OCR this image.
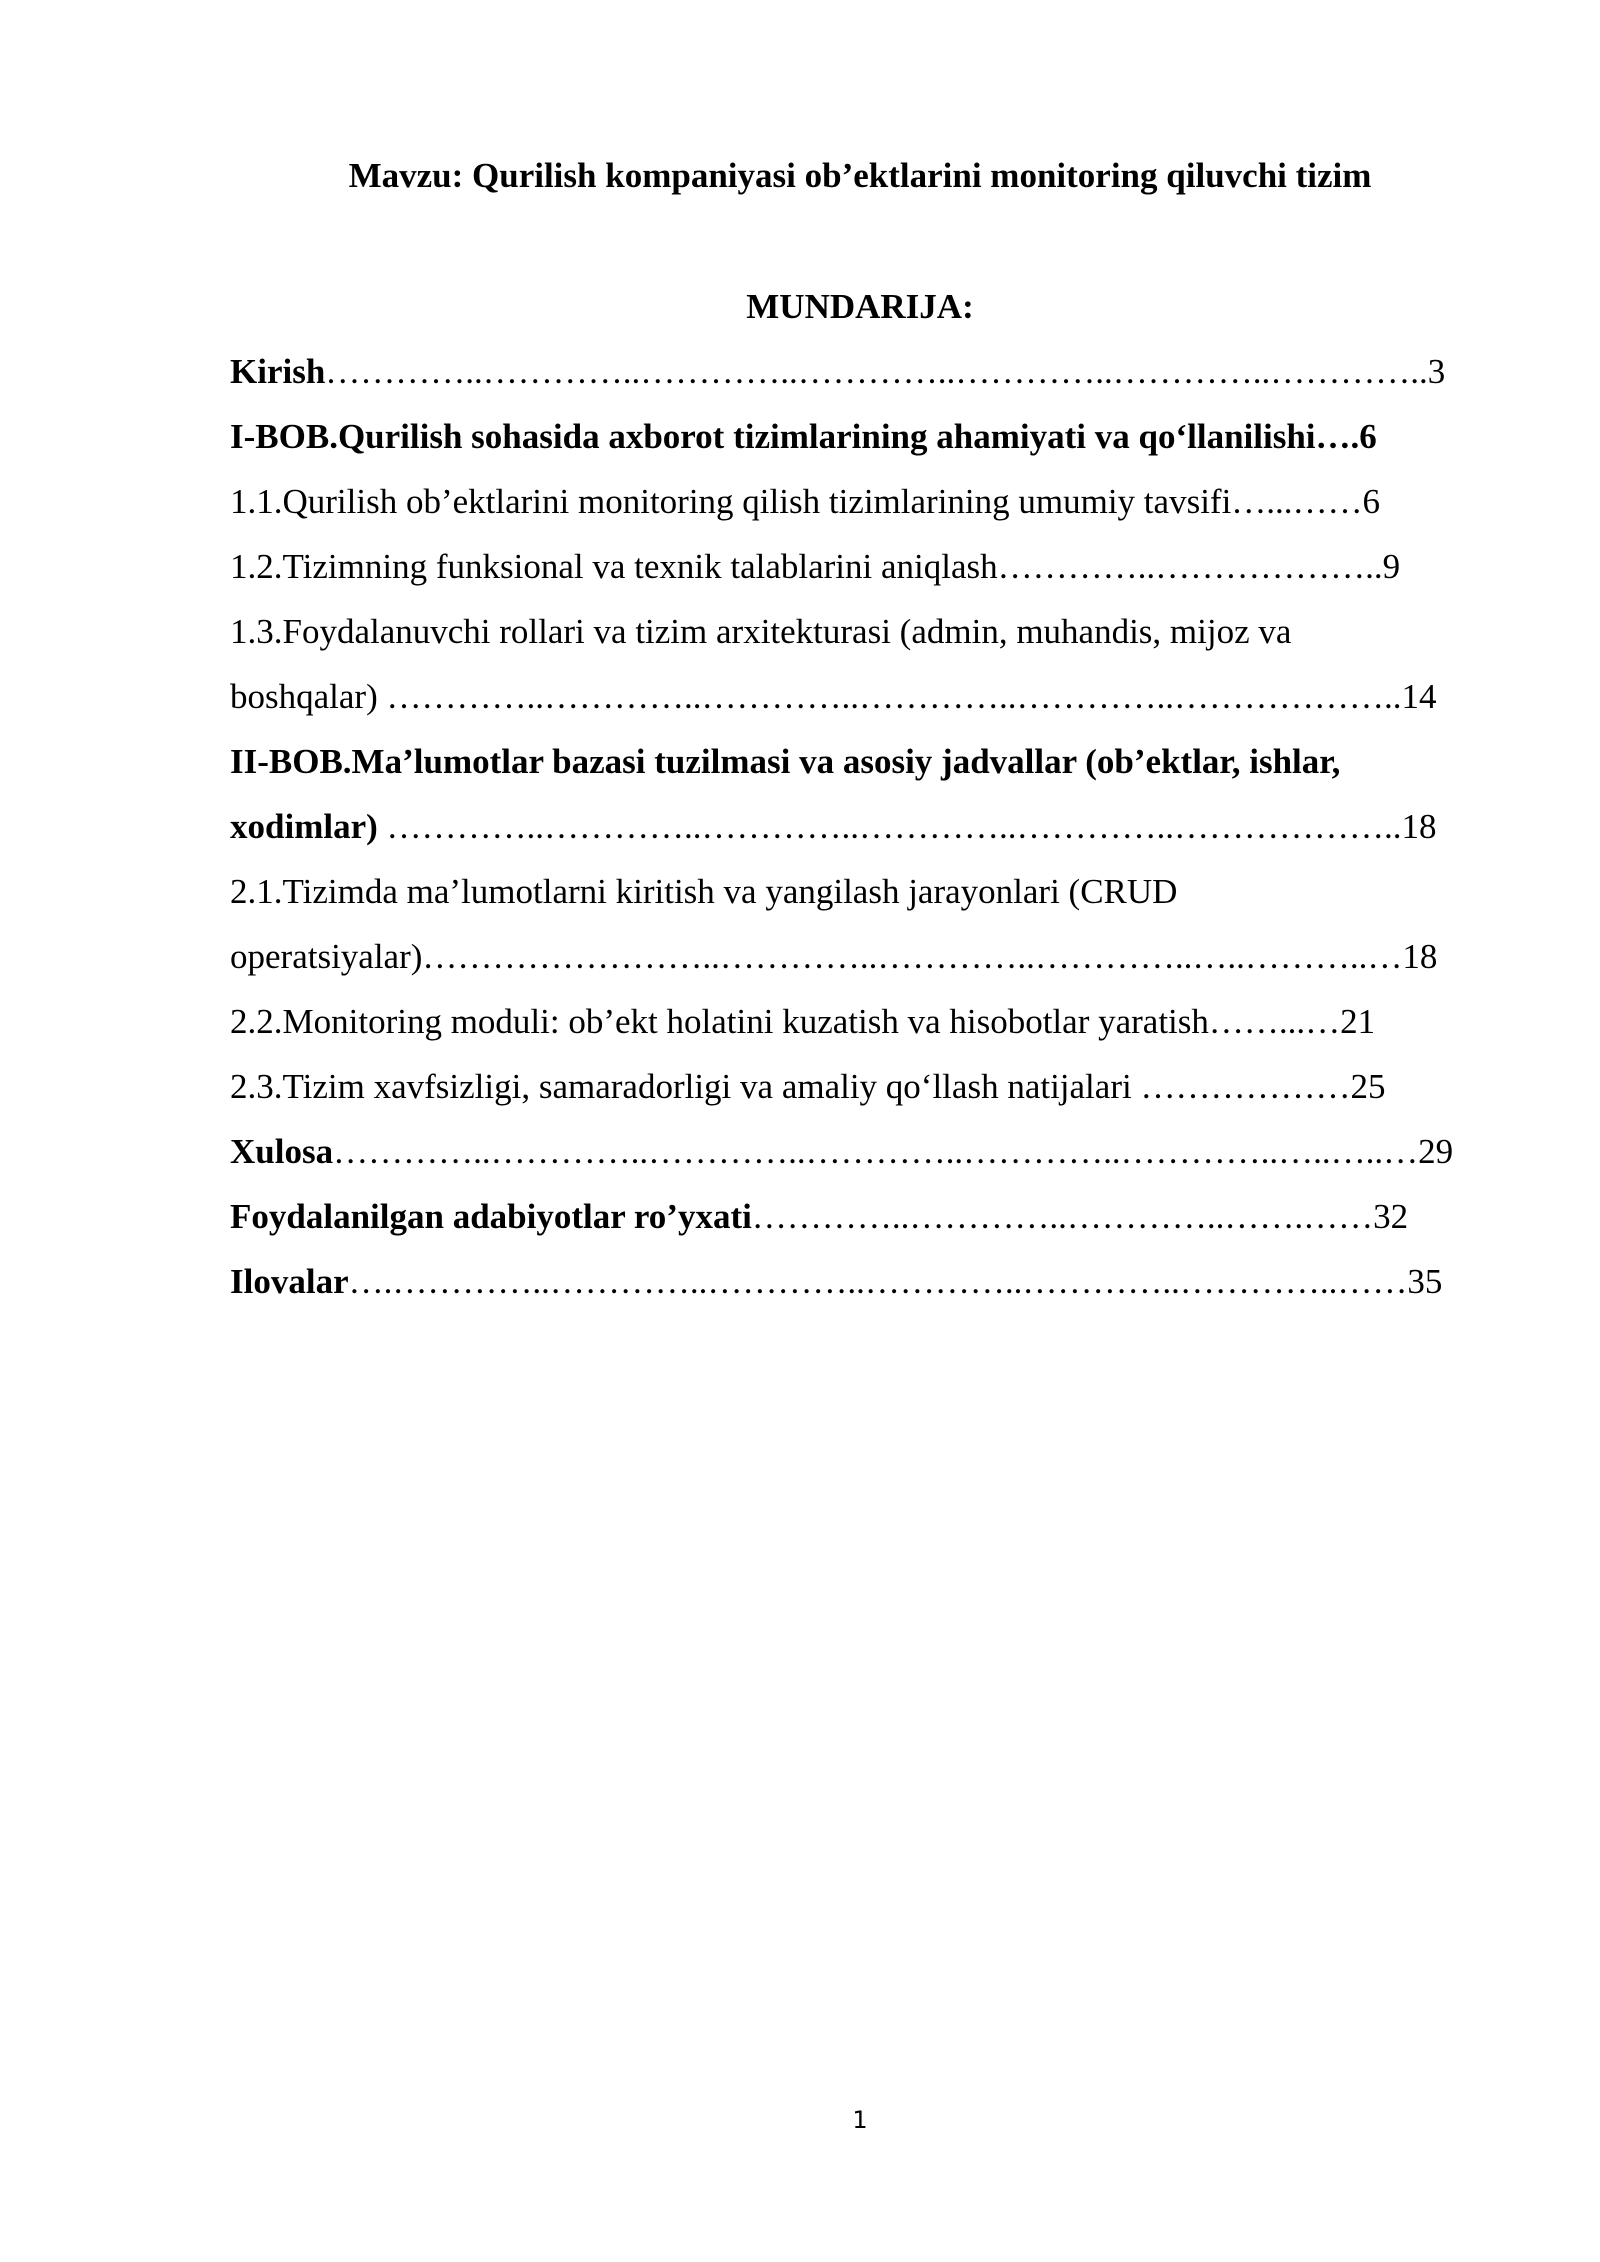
Mavzu: Qurilish kompaniyasi ob’ektlarini monitoring qiluvchi tizim
MUNDARIJA:
Kirish…………..…………..…………..…………..…………..…………..…………..3
I-BOB.Qurilish sohasida axborot tizimlarining ahamiyati va qo‘llanilishi….6
1.1.Qurilish ob’ektlarini monitoring qilish tizimlarining umumiy tavsifi…...……6
1.2.Tizimning funksional va texnik talablarini aniqlash…………..………………..9
1.3.Foydalanuvchi rollari va tizim arxitekturasi (admin, muhandis, mijoz va
boshqalar) …………..…………..…………..…………..…………..………………..14
II-BOB.Ma’lumotlar bazasi tuzilmasi va asosiy jadvallar (ob’ektlar, ishlar,
xodimlar) …………..…………..…………..…………..…………..………………..18
2.1.Tizimda ma’lumotlarni kiritish va yangilash jarayonlari (CRUD
operatsiyalar)……………………..…………..…………..…………..…..………..…18
2.2.Monitoring moduli: ob’ekt holatini kuzatish va hisobotlar yaratish……...…21
2.3.Tizim xavfsizligi, samaradorligi va amaliy qo‘llash natijalari ………………25
Xulosa…………..…………..…………..…………..…………..…………..…..…..…29
Foydalanilgan adabiyotlar ro’yxati…………..…………..…………..…….……32
Ilovalar….…………..…………..…………..…………..…………..…………..……35
1
